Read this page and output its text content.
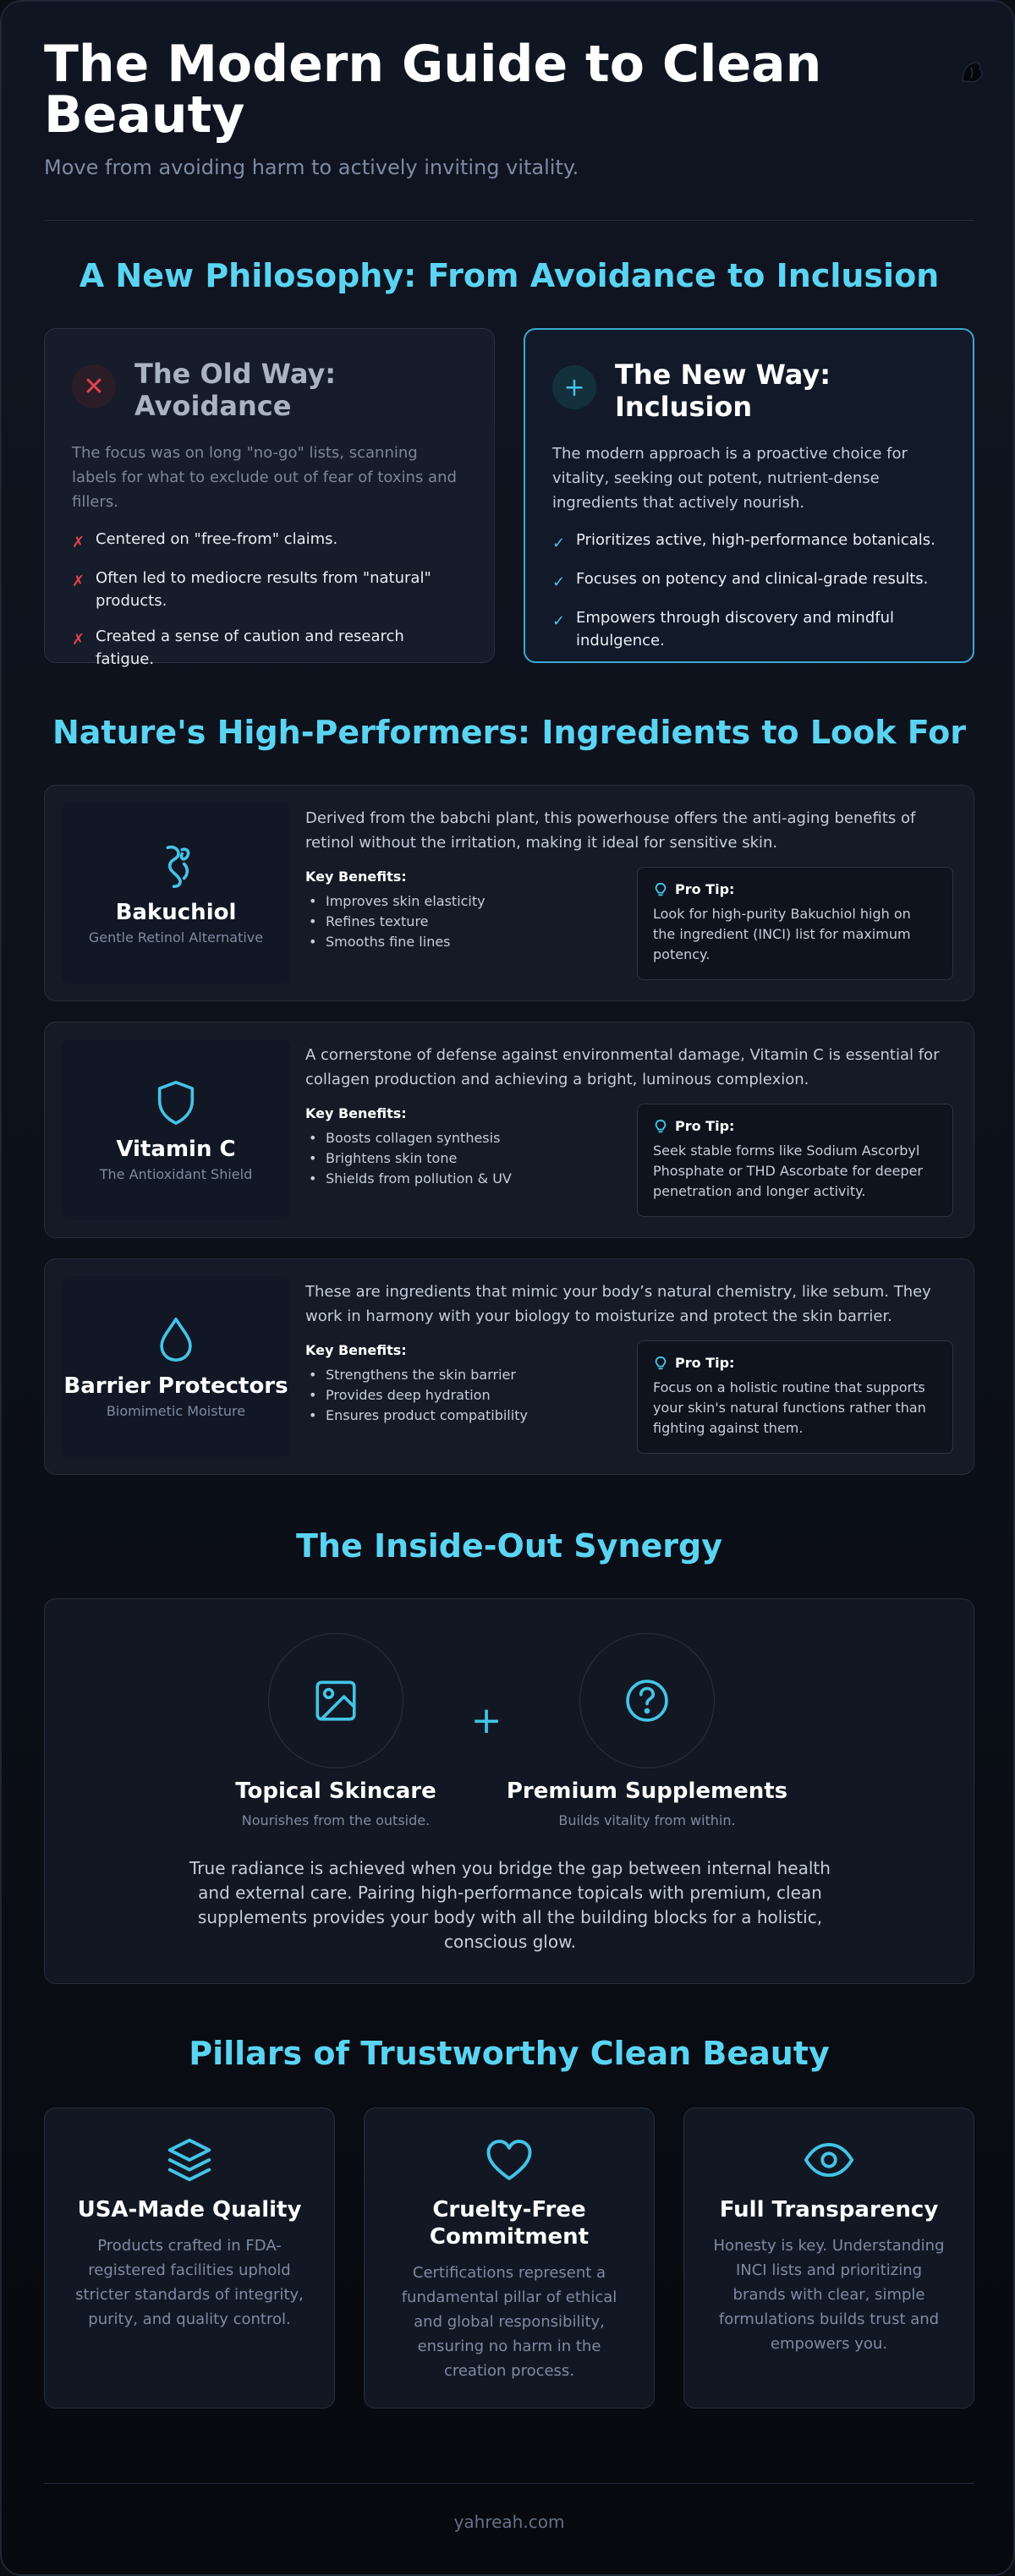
The Modern Guide to Clean Beauty

Move from avoiding harm to actively inviting vitality.

A New Philosophy: From Avoidance to Inclusion
✕	The Old Way: Avoidance

The focus was on long "no-go" lists, scanning labels for what to exclude out of fear of toxins and fillers.

✗ Centered on "free-from" claims.
✗ Often led to mediocre results from "natural" products.
✗ Created a sense of caution and research fatigue.
+	The New Way: Inclusion

The modern approach is a proactive choice for vitality, seeking out potent, nutrient-dense ingredients that actively nourish.

✓ Prioritizes active, high-performance botanicals.
✓ Focuses on potency and clinical-grade results.
✓ Empowers through discovery and mindful indulgence.
Nature's High-Performers: Ingredients to Look For
Bakuchiol
Gentle Retinol Alternative

Derived from the babchi plant, this powerhouse offers the anti-aging benefits of retinol without the irritation, making it ideal for sensitive skin.

Key Benefits:
• Improves skin elasticity
• Refines texture
• Smooths fine lines
Pro Tip:
Look for high-purity Bakuchiol high on the ingredient (INCI) list for maximum potency.
Vitamin C
The Antioxidant Shield

A cornerstone of defense against environmental damage, Vitamin C is essential for collagen production and achieving a bright, luminous complexion.

Key Benefits:
• Boosts collagen synthesis
• Brightens skin tone
• Shields from pollution & UV
Pro Tip:
Seek stable forms like Sodium Ascorbyl Phosphate or THD Ascorbate for deeper penetration and longer activity.
Barrier Protectors
Biomimetic Moisture

These are ingredients that mimic your body’s natural chemistry, like sebum. They work in harmony with your biology to moisturize and protect the skin barrier.

Key Benefits:
• Strengthens the skin barrier
• Provides deep hydration
• Ensures product compatibility
Pro Tip:
Focus on a holistic routine that supports your skin's natural functions rather than fighting against them.
The Inside-Out Synergy
+
Topical Skincare
Nourishes from the outside.
Premium Supplements
Builds vitality from within.

True radiance is achieved when you bridge the gap between internal health and external care. Pairing high-performance topicals with premium, clean supplements provides your body with all the building blocks for a holistic, conscious glow.

Pillars of Trustworthy Clean Beauty
USA-Made Quality

Products crafted in FDA-registered facilities uphold stricter standards of integrity, purity, and quality control.

Cruelty-Free Commitment

Certifications represent a fundamental pillar of ethical and global responsibility, ensuring no harm in the creation process.

Full Transparency

Honesty is key. Understanding INCI lists and prioritizing brands with clear, simple formulations builds trust and empowers you.

yahreah.com
